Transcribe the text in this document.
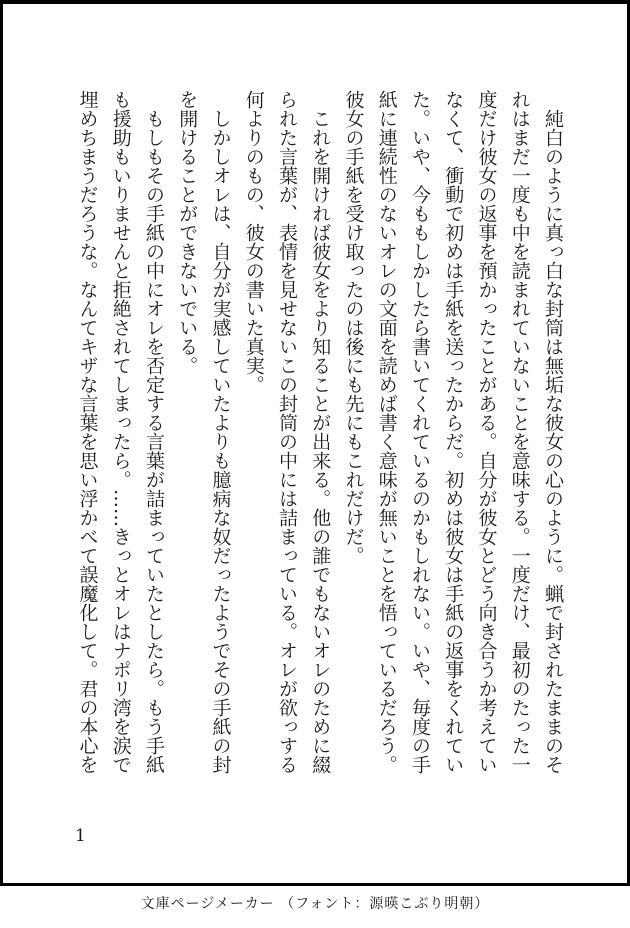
　純白のように真っ白な封筒は無垢な彼女の心のように。蝋で封されたままのそ
れはまだ一度も中を読まれていないことを意味する。一度だけ、最初のたった一
度だけ彼女の返事を預かったことがある。自分が彼女とどう向き合うか考えてい
なくて、衝動で初めは手紙を送ったからだ。初めは彼女は手紙の返事をくれてい
た。いや、今ももしかしたら書いてくれているのかもしれない。いや、毎度の手
紙に連続性のないオレの文面を読めば書く意味が無いことを悟っているだろう。
彼女の手紙を受け取ったのは後にも先にもこれだけだ。
　これを開ければ彼女をより知ることが出来る。他の誰でもないオレのために綴
られた言葉が、表情を見せないこの封筒の中には詰まっている。オレが欲っする
何よりのもの、彼女の書いた真実。
　しかしオレは、自分が実感していたよりも臆病な奴だったようでその手紙の封
を開けることができないでいる。
　もしもその手紙の中にオレを否定する言葉が詰まっていたとしたら。もう手紙
も援助もいりませんと拒絶されてしまったら。……きっとオレはナポリ湾を涙で
埋めちまうだろうな。なんてキザな言葉を思い浮かべて誤魔化して。君の本心を
1
文庫ページメーカー （フォント：源暎こぶり明朝）
